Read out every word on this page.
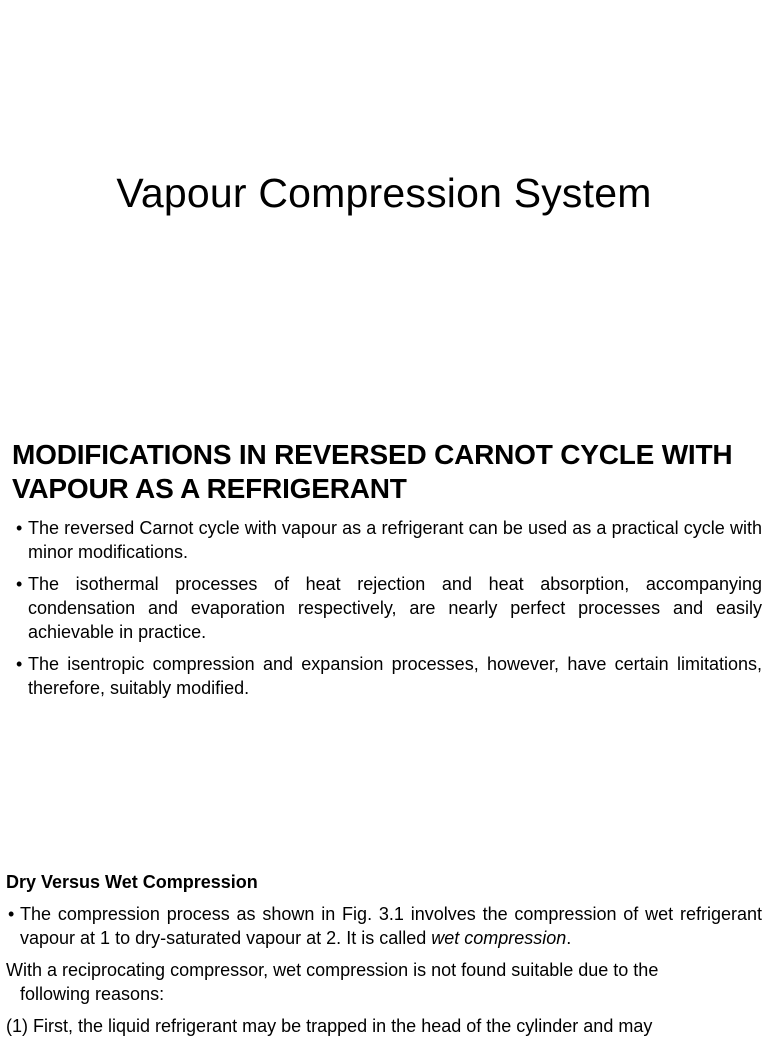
Vapour Compression System
MODIFICATIONS IN REVERSED CARNOT CYCLE WITH VAPOUR AS A REFRIGERANT
• The reversed Carnot cycle with vapour as a refrigerant can be used as a practical cycle with minor modifications.
• The isothermal processes of heat rejection and heat absorption, accompanying condensation and evaporation respectively, are nearly perfect processes and easily achievable in practice.
• The isentropic compression and expansion processes, however, have certain limitations, therefore, suitably modified.
Dry Versus Wet Compression
• The compression process as shown in Fig. 3.1 involves the compression of wet refrigerant vapour at 1 to dry-saturated vapour at 2. It is called wet compression.
With a reciprocating compressor, wet compression is not found suitable due to the
following reasons:
(1) First, the liquid refrigerant may be trapped in the head of the cylinder and may
